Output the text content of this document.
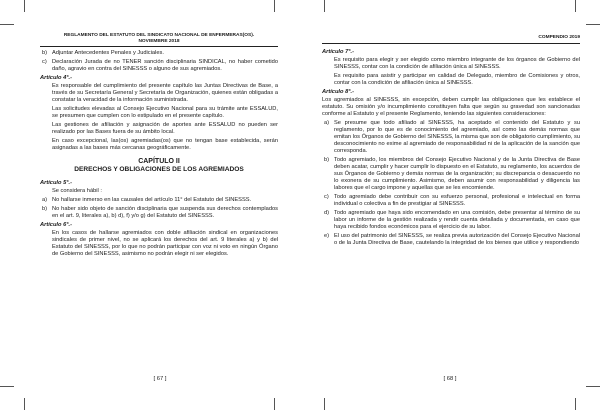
REGLAMENTO DEL ESTATUTO DEL SINDICATO NACIONAL DE ENFERMERAS(OS).
NOVIEMBRE 2018
b) Adjuntar Antecedentes Penales y Judiciales.
c) Declaración Jurada de no TENER sanción disciplinaria SINDICAL, no haber cometido daño, agravio en contra del SINESSS o alguno de sus agremiados.
Artículo 4°.-
Es responsable del cumplimiento del presente capítulo las Juntas Directivas de Base, a través de su Secretaría General y Secretaría de Organización, quienes están obligadas a constatar la veracidad de la información suministrada.
Las solicitudes elevadas al Consejo Ejecutivo Nacional para su trámite ante ESSALUD, se presumen que cumplen con lo estipulado en el presente capítulo.
Las gestiones de afiliación y asignación de aportes ante ESSALUD no pueden ser realizado por las Bases fuera de su ámbito local.
En caso excepcional, las(os) agremiadas(os) que no tengan base establecida, serán asignadas a las bases más cercanas geográficamente.
CAPÍTULO II
DERECHOS Y OBLIGACIONES DE LOS AGREMIADOS
Artículo 5°.-
Se considera hábil :
a) No hallarse inmerso en las causales del artículo 11° del Estatuto del SINESSS.
b) No haber sido objeto de sanción disciplinaria que suspenda sus derechos contemplados en el art. 9, literales a), b) d), f) y/o g) del Estatuto del SINESSS.
Artículo 6°.-
En los casos de hallarse agremiados con doble afiliación sindical en organizaciones sindicales de primer nivel, no se aplicará los derechos del art. 9 literales a) y b) del Estatuto del SINESSS, por lo que no podrán participar con voz ni voto en ningún Órgano de Gobierno del SINESSS, asimismo no podrán elegir ni ser elegidos.
[ 67 ]
COMPENDIO 2019
Artículo 7°.-
Es requisito para elegir y ser elegido como miembro integrante de los órganos de Gobierno del SINESSS, contar con la condición de afiliación única al SINESSS.
Es requisito para asistir y participar en calidad de Delegado, miembro de Comisiones y otros, contar con la condición de afiliación única al SINESSS.
Artículo 8°.-
Los agremiados al SINESSS, sin excepción, deben cumplir las obligaciones que les establece el estatuto. Su omisión y/o incumplimiento constituyen falta que según su gravedad son sancionadas conforme al Estatuto y el presente Reglamento, teniendo las siguientes consideraciones:
a) Se presume que todo afiliado al SINESSS, ha aceptado el contenido del Estatuto y su reglamento, por lo que es de conocimiento del agremiado, así como las demás normas que emitan los Órganos de Gobierno del SINESSS, la misma que son de obligatorio cumplimiento, su desconocimiento no exime al agremiado de responsabilidad ni de la aplicación de la sanción que corresponda.
b) Todo agremiado, los miembros del Consejo Ejecutivo Nacional y de la Junta Directiva de Base deben acatar, cumplir y hacer cumplir lo dispuesto en el Estatuto, su reglamento, los acuerdos de sus Órganos de Gobierno y demás normas de la organización; su discrepancia o desacuerdo no lo exonera de su cumplimiento. Asimismo, deben asumir con responsabilidad y diligencia las labores que el cargo impone y aquellas que se les encomiende.
c) Todo agremiado debe contribuir con su esfuerzo personal, profesional e intelectual en forma individual o colectiva a fin de prestigiar al SINESSS.
d) Todo agremiado que haya sido encomendado en una comisión, debe presentar al término de su labor un informe de la gestión realizada y rendir cuenta detallada y documentada, en caso que haya recibido fondos económicos para el ejercicio de su labor.
e) El uso del patrimonio del SINESSS, se realiza previa autorización del Consejo Ejecutivo Nacional o de la Junta Directiva de Base, cautelando la integridad de los bienes que utilice y respondiendo
[ 68 ]
